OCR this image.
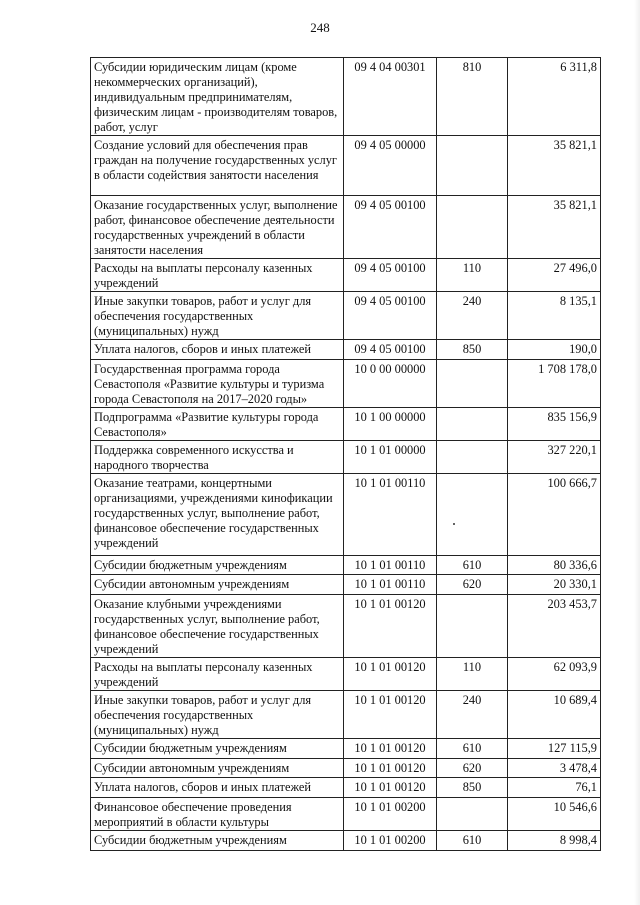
248
Субсидии юридическим лицам (кроме некоммерческих организаций), индивидуальным предпринимателям, физическим лицам - производителям товаров, работ, услуг	09 4 04 00301	810	6 311,8
Создание условий для обеспечения прав граждан на получение государственных услуг в области содействия занятости населения	09 4 05 00000		35 821,1
Оказание государственных услуг, выполнение работ, финансовое обеспечение деятельности государственных учреждений в области занятости населения	09 4 05 00100		35 821,1
Расходы на выплаты персоналу казенных учреждений	09 4 05 00100	110	27 496,0
Иные закупки товаров, работ и услуг для обеспечения государственных (муниципальных) нужд	09 4 05 00100	240	8 135,1
Уплата налогов, сборов и иных платежей	09 4 05 00100	850	190,0
Государственная программа города Севастополя «Развитие культуры и туризма города Севастополя на 2017–2020 годы»	10 0 00 00000		1 708 178,0
Подпрограмма «Развитие культуры города Севастополя»	10 1 00 00000		835 156,9
Поддержка современного искусства и народного творчества	10 1 01 00000		327 220,1
Оказание театрами, концертными организациями, учреждениями кинофикации государственных услуг, выполнение работ, финансовое обеспечение государственных учреждений	10 1 01 00110		100 666,7
Субсидии бюджетным учреждениям	10 1 01 00110	610	80 336,6
Субсидии автономным учреждениям	10 1 01 00110	620	20 330,1
Оказание клубными учреждениями государственных услуг, выполнение работ, финансовое обеспечение государственных учреждений	10 1 01 00120		203 453,7
Расходы на выплаты персоналу казенных учреждений	10 1 01 00120	110	62 093,9
Иные закупки товаров, работ и услуг для обеспечения государственных (муниципальных) нужд	10 1 01 00120	240	10 689,4
Субсидии бюджетным учреждениям	10 1 01 00120	610	127 115,9
Субсидии автономным учреждениям	10 1 01 00120	620	3 478,4
Уплата налогов, сборов и иных платежей	10 1 01 00120	850	76,1
Финансовое обеспечение проведения мероприятий в области культуры	10 1 01 00200		10 546,6
Субсидии бюджетным учреждениям	10 1 01 00200	610	8 998,4
